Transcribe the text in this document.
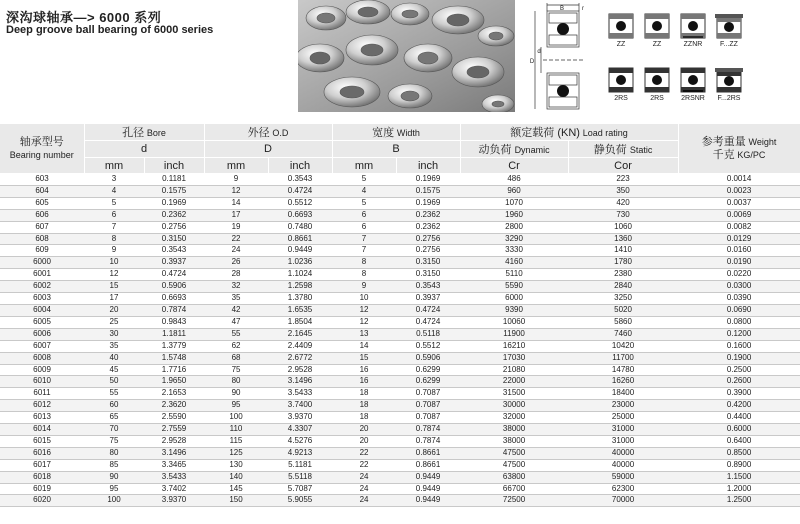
深沟球轴承—> 6000 系列
Deep groove ball bearing of 6000 series
B	r
D
d
ZZ	ZZ	ZZNR	F...ZZ
2RS	2RS	2RSNR	F...2RS
轴承型号
Bearing number	孔径 Bore		外径 O.D		宽度 Width		额定载荷 (KN) Load rating		参考重量 Weight
千克 KG/PC
	d		D		B		动负荷 Dynamic	静负荷 Static	
	mm	inch	mm	inch	mm	inch	Cr	Cor	
603	3	0.1181	9	0.3543	5	0.1969	486	223	0.0014
604	4	0.1575	12	0.4724	4	0.1575	960	350	0.0023
605	5	0.1969	14	0.5512	5	0.1969	1070	420	0.0037
606	6	0.2362	17	0.6693	6	0.2362	1960	730	0.0069
607	7	0.2756	19	0.7480	6	0.2362	2800	1060	0.0082
608	8	0.3150	22	0.8661	7	0.2756	3290	1360	0.0129
609	9	0.3543	24	0.9449	7	0.2756	3330	1410	0.0160
6000	10	0.3937	26	1.0236	8	0.3150	4160	1780	0.0190
6001	12	0.4724	28	1.1024	8	0.3150	5110	2380	0.0220
6002	15	0.5906	32	1.2598	9	0.3543	5590	2840	0.0300
6003	17	0.6693	35	1.3780	10	0.3937	6000	3250	0.0390
6004	20	0.7874	42	1.6535	12	0.4724	9390	5020	0.0690
6005	25	0.9843	47	1.8504	12	0.4724	10060	5860	0.0800
6006	30	1.1811	55	2.1645	13	0.5118	11900	7460	0.1200
6007	35	1.3779	62	2.4409	14	0.5512	16210	10420	0.1600
6008	40	1.5748	68	2.6772	15	0.5906	17030	11700	0.1900
6009	45	1.7716	75	2.9528	16	0.6299	21080	14780	0.2500
6010	50	1.9650	80	3.1496	16	0.6299	22000	16260	0.2600
6011	55	2.1653	90	3.5433	18	0.7087	31500	18400	0.3900
6012	60	2.3620	95	3.7400	18	0.7087	30000	23000	0.4200
6013	65	2.5590	100	3.9370	18	0.7087	32000	25000	0.4400
6014	70	2.7559	110	4.3307	20	0.7874	38000	31000	0.6000
6015	75	2.9528	115	4.5276	20	0.7874	38000	31000	0.6400
6016	80	3.1496	125	4.9213	22	0.8661	47500	40000	0.8500
6017	85	3.3465	130	5.1181	22	0.8661	47500	40000	0.8900
6018	90	3.5433	140	5.5118	24	0.9449	63800	59000	1.1500
6019	95	3.7402	145	5.7087	24	0.9449	66700	62300	1.2000
6020	100	3.9370	150	5.9055	24	0.9449	72500	70000	1.2500
